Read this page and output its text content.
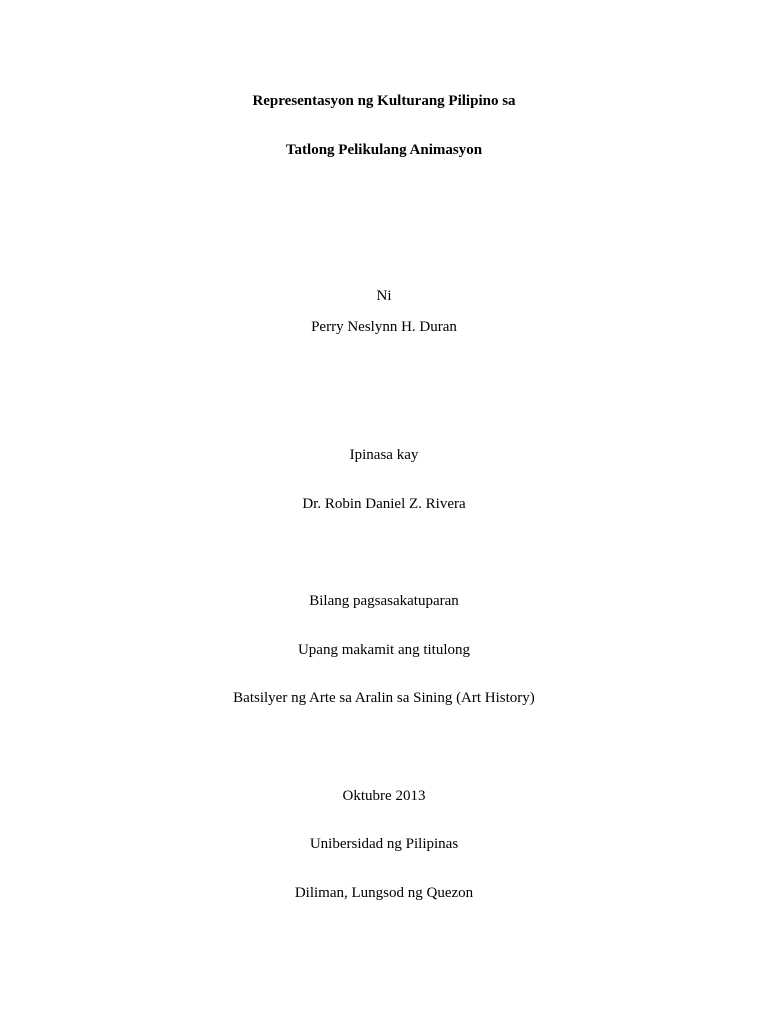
Representasyon ng Kulturang Pilipino sa
Tatlong Pelikulang Animasyon
Ni
Perry Neslynn H. Duran
Ipinasa kay
Dr. Robin Daniel Z. Rivera
Bilang pagsasakatuparan
Upang makamit ang titulong
Batsilyer ng Arte sa Aralin sa Sining (Art History)
Oktubre 2013
Unibersidad ng Pilipinas
Diliman, Lungsod ng Quezon
